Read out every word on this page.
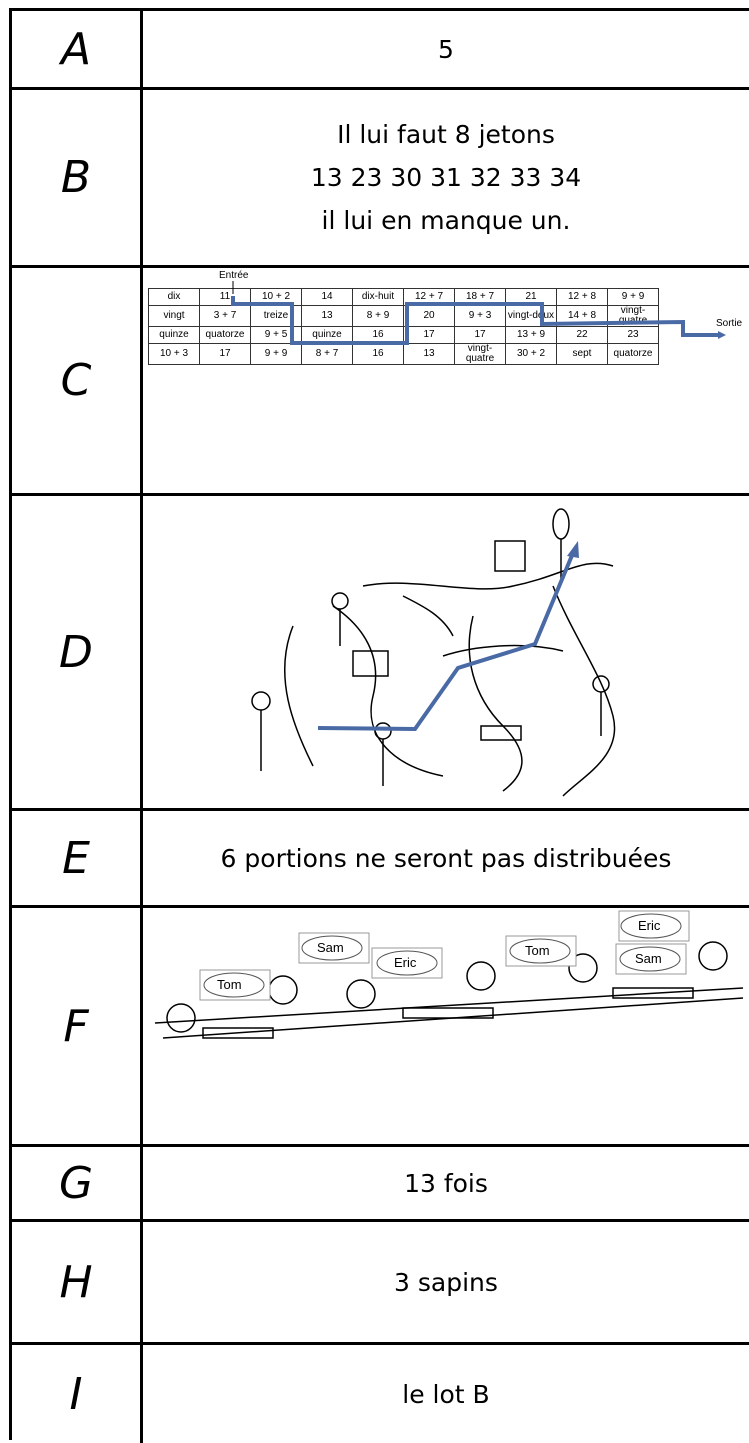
A	5
B
Il lui faut 8 jetons
13 23 30 31 32 33 34
il lui en manque un.
C
Entrée
Sortie
dix	11	10 + 2	14	dix-huit	12 + 7	18 + 7	21	12 + 8	9 + 9
vingt	3 + 7	treize	13	8 + 9	20	9 + 3	vingt-deux	14 + 8	vingt-quatre
quinze	quatorze	9 + 5	quinze	16	17	17	13 + 9	22	23
10 + 3	17	9 + 9	8 + 7	16	13	vingt-quatre	30 + 2	sept	quatorze
D
E	6 portions ne seront pas distribuées
F
Tom
Sam
Eric
Tom
Eric
Sam
G	13 fois
H	3 sapins
I	le lot B
